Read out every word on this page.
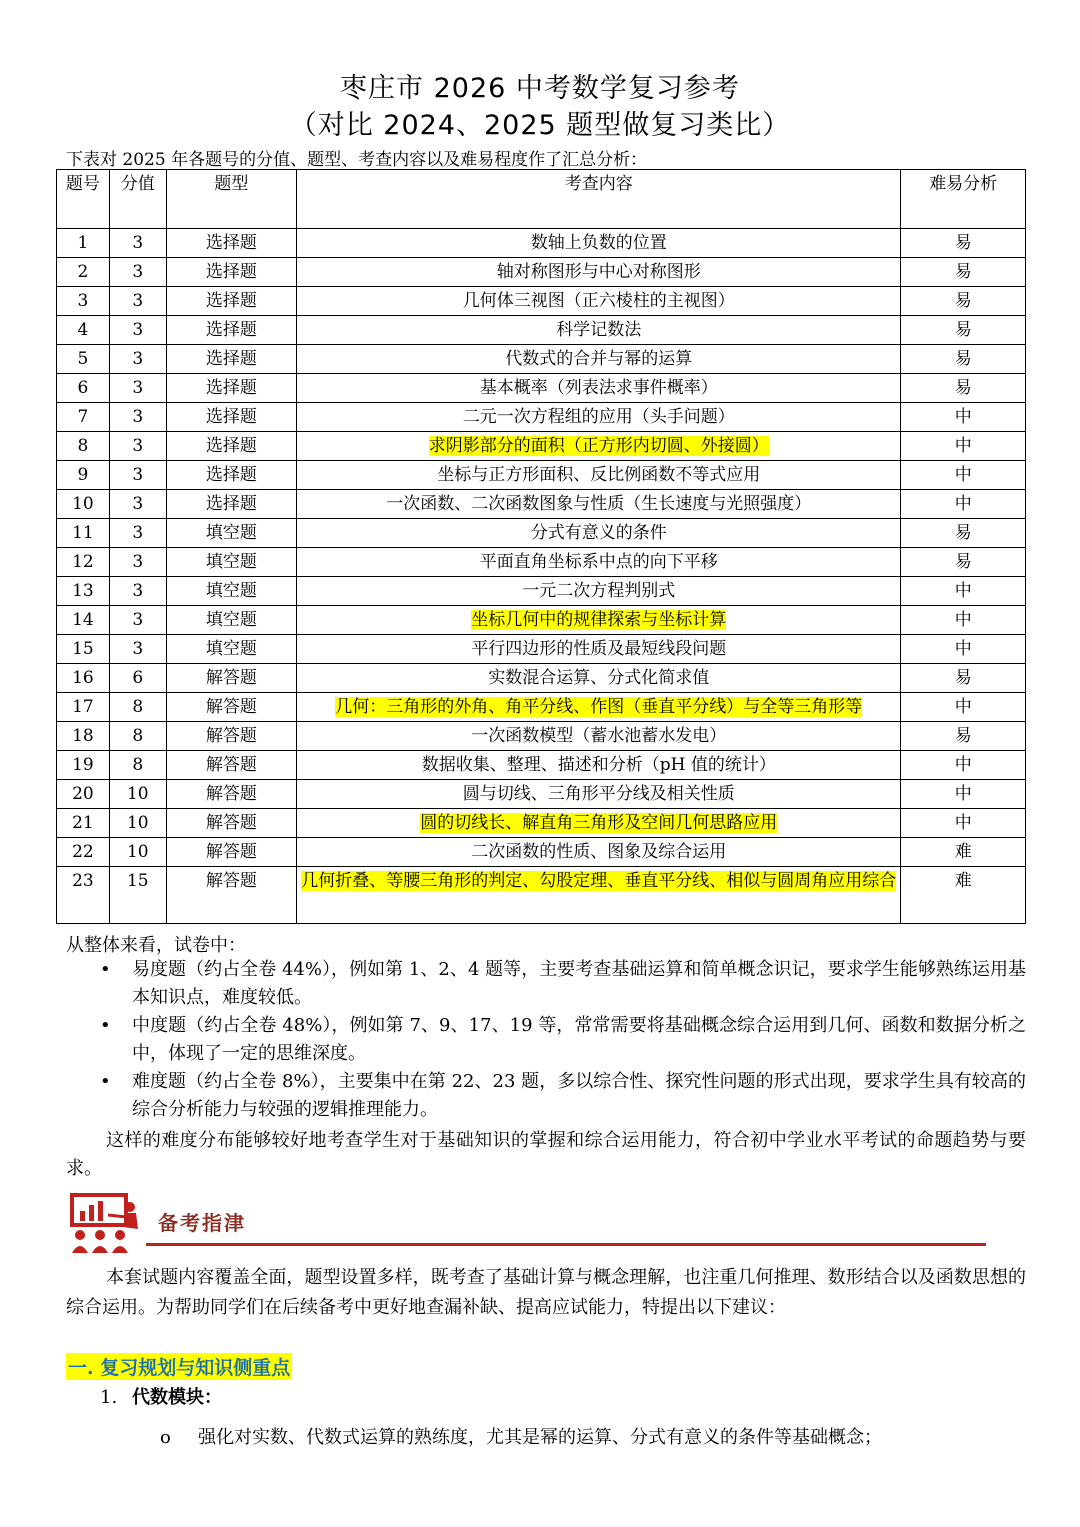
枣庄市 2026 中考数学复习参考
（对比 2024、2025 题型做复习类比）
下表对 2025 年各题号的分值、题型、考查内容以及难易程度作了汇总分析：
题号	分值	题型	考查内容	难易分析
1	3	选择题	数轴上负数的位置	易
2	3	选择题	轴对称图形与中心对称图形	易
3	3	选择题	几何体三视图（正六棱柱的主视图）	易
4	3	选择题	科学记数法	易
5	3	选择题	代数式的合并与幂的运算	易
6	3	选择题	基本概率（列表法求事件概率）	易
7	3	选择题	二元一次方程组的应用（头手问题）	中
8	3	选择题	求阴影部分的面积（正方形内切圆、外接圆）	中
9	3	选择题	坐标与正方形面积、反比例函数不等式应用	中
10	3	选择题	一次函数、二次函数图象与性质（生长速度与光照强度）	中
11	3	填空题	分式有意义的条件	易
12	3	填空题	平面直角坐标系中点的向下平移	易
13	3	填空题	一元二次方程判别式	中
14	3	填空题	坐标几何中的规律探索与坐标计算	中
15	3	填空题	平行四边形的性质及最短线段问题	中
16	6	解答题	实数混合运算、分式化简求值	易
17	8	解答题	几何：三角形的外角、角平分线、作图（垂直平分线）与全等三角形等	中
18	8	解答题	一次函数模型（蓄水池蓄水发电）	易
19	8	解答题	数据收集、整理、描述和分析（pH 值的统计）	中
20	10	解答题	圆与切线、三角形平分线及相关性质	中
21	10	解答题	圆的切线长、解直角三角形及空间几何思路应用	中
22	10	解答题	二次函数的性质、图象及综合运用	难
23	15	解答题	几何折叠、等腰三角形的判定、勾股定理、垂直平分线、相似与圆周角应用综合	难
从整体来看，试卷中：
• 易度题（约占全卷 44%），例如第 1、2、4 题等，主要考查基础运算和简单概念识记，要求学生能够熟练运用基本知识点，难度较低。
• 中度题（约占全卷 48%），例如第 7、9、17、19 等，常常需要将基础概念综合运用到几何、函数和数据分析之中，体现了一定的思维深度。
• 难度题（约占全卷 8%），主要集中在第 22、23 题，多以综合性、探究性问题的形式出现，要求学生具有较高的综合分析能力与较强的逻辑推理能力。
这样的难度分布能够较好地考查学生对于基础知识的掌握和综合运用能力，符合初中学业水平考试的命题趋势与要求。
备考指津
本套试题内容覆盖全面，题型设置多样，既考查了基础计算与概念理解，也注重几何推理、数形结合以及函数思想的综合运用。为帮助同学们在后续备考中更好地查漏补缺、提高应试能力，特提出以下建议：
一. 复习规划与知识侧重点
1. 代数模块：
o 强化对实数、代数式运算的熟练度，尤其是幂的运算、分式有意义的条件等基础概念；
